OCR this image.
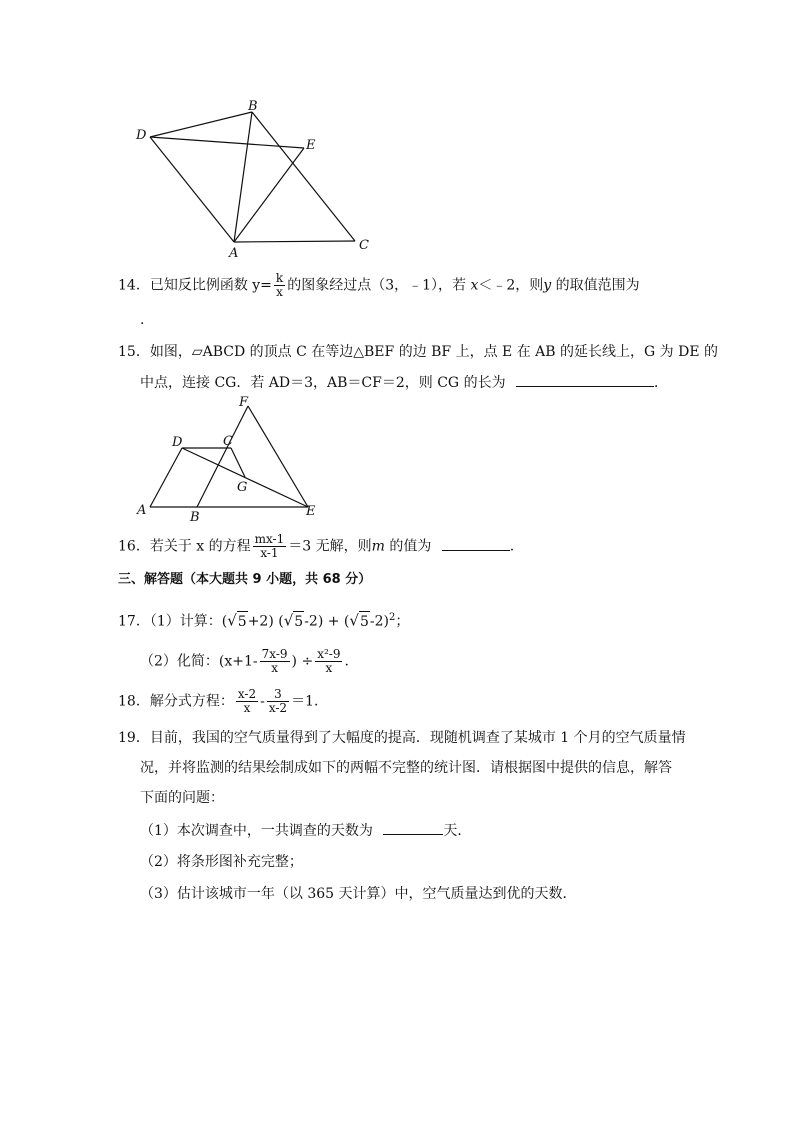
B
D
E
A
C
14．已知反比例函数 $y= \frac{k}{x}$ 的图象经过点（3，﹣1），若 x＜﹣2，则y 的取值范围为
.
15．如图，▱ABCD 的顶点 C 在等边△BEF 的边 BF 上，点 E 在 AB 的延长线上，G 为 DE 的
中点，连接 CG．若 AD＝3，AB＝CF＝2，则 CG 的长为	．
F
D	C
G
A	B	E
16．若关于 x 的方程 $\frac{mx-1}{x-1} =3$ 无解，则m 的值为	.
三、解答题（本大题共 9 小题，共 68 分）
17．（1）计算：(√5+2) $(√5-2) + (√5-2)^2$；
（2）化简：($x+1- \frac{7x-9}{x}$ ) ÷ $\frac{\text{x²-9}}{x}$ .
18．解分式方程： $\frac{x-2}{x} - \frac{3}{x-2} =1$.
19．目前，我国的空气质量得到了大幅度的提高．现随机调查了某城市 1 个月的空气质量情
况，并将监测的结果绘制成如下的两幅不完整的统计图．请根据图中提供的信息，解答
下面的问题：
（1）本次调查中，一共调查的天数为	天．
（2）将条形图补充完整；
（3）估计该城市一年（以 365 天计算）中，空气质量达到优的天数．
